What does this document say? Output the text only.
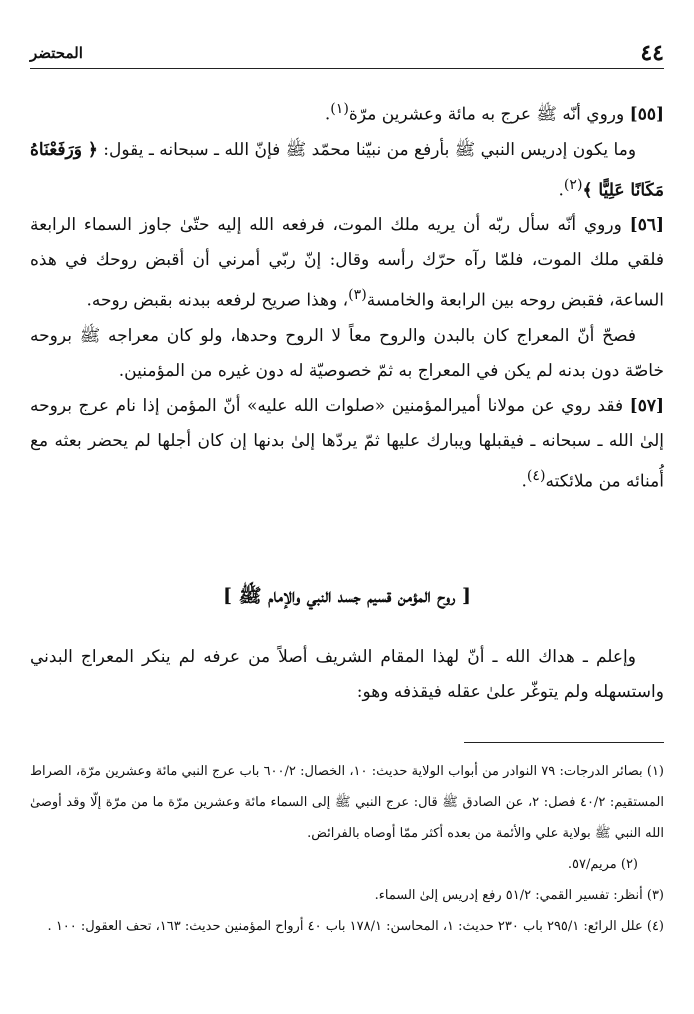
٤٤
المحتضر

[٥٥] وروي أنّه ﷺ عرج به مائة وعشرين مرّة$^{(١)}$.

وما يكون إدريس النبي ﷺ بأرفع من نبيّنا محمّد ﷺ فإنّ الله ـ سبحانه ـ يقول: ﴿ وَرَفَعْنَاهُ مَكَانًا عَلِيًّا ﴾$^{(٢)}$.

[٥٦] وروي أنّه سأل ربّه أن يريه ملك الموت، فرفعه الله إليه حتّىٰ جاوز السماء الرابعة فلقي ملك الموت، فلمّا رآه حرّك رأسه وقال: إنّ ربّي أمرني أن أقبض روحك في هذه الساعة، فقبض روحه بين الرابعة والخامسة$^{(٣)}$، وهذا صريح لرفعه ببدنه بقبض روحه.

فصحّ أنّ المعراج كان بالبدن والروح معاً لا الروح وحدها، ولو كان معراجه ﷺ بروحه خاصّة دون بدنه لم يكن في المعراج به ثمّ خصوصيّة له دون غيره من المؤمنين.

[٥٧] فقد روي عن مولانا أميرالمؤمنين «صلوات الله عليه» أنّ المؤمن إذا نام عرج بروحه إلىٰ الله ـ سبحانه ـ فيقبلها ويبارك عليها ثمّ يردّها إلىٰ بدنها إن كان أجلها لم يحضر بعثه مع أُمنائه من ملائكته$^{(٤)}$.

[ روح المؤمن قسيم جسد النبي والإمام ﷺ ]

وإعلم ـ هداك الله ـ أنّ لهذا المقام الشريف أصلاً من عرفه لم ينكر المعراج البدني واستسهله ولم يتوغّر علىٰ عقله فيقذفه وهو:

(١) بصائر الدرجات: ٧٩ النوادر من أبواب الولاية حديث: ١٠، الخصال: ٦٠٠/٢ باب عرج النبي مائة وعشرين مرّة، الصراط المستقيم: ٤٠/٢ فصل: ٢، عن الصادق ﷺ قال: عرج النبي ﷺ إلى السماء مائة وعشرين مرّة ما من مرّة إلّا وقد أوصىٰ الله النبي ﷺ بولاية علي والأئمة من بعده أكثر ممّا أوصاه بالفرائض.

(٢) مريم/٥٧.

(٣) أنظر: تفسير القمي: ٥١/٢ رفع إدريس إلىٰ السماء.

(٤) علل الرائع: ٢٩٥/١ باب ٢٣٠ حديث: ١، المحاسن: ١٧٨/١ باب ٤٠ أرواح المؤمنين حديث: ١٦٣، تحف العقول: ١٠٠ .
